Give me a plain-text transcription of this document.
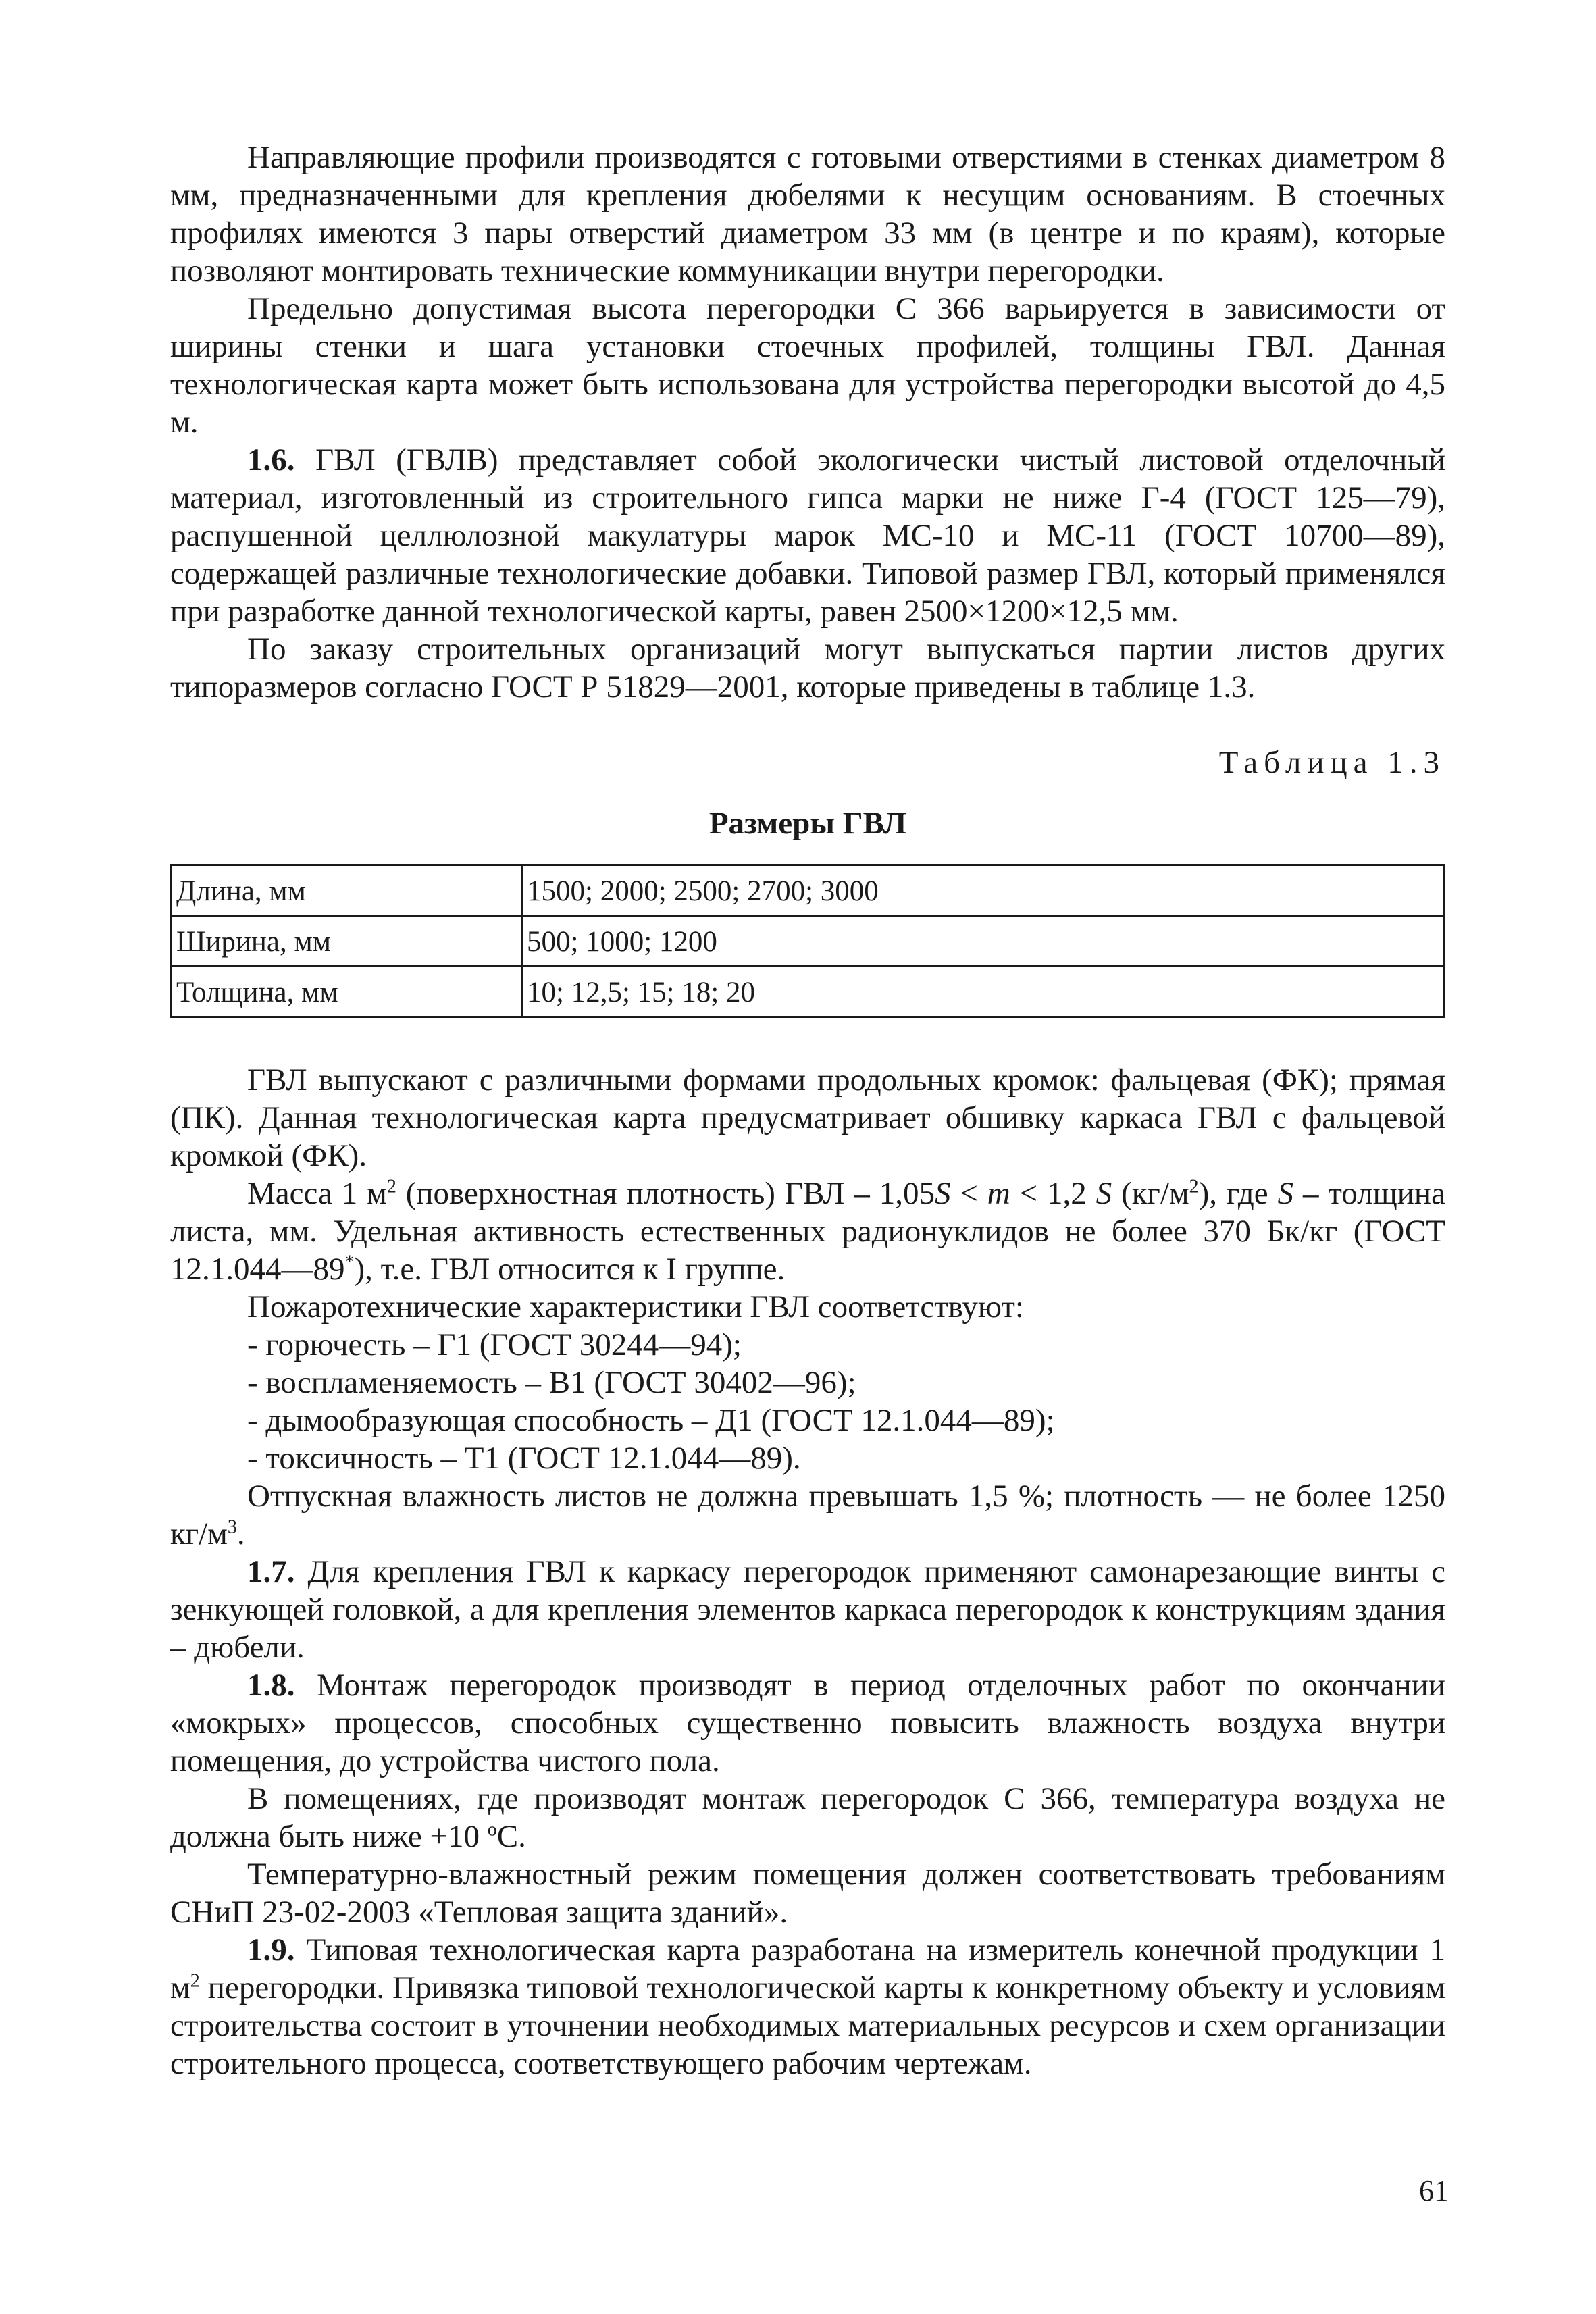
Направляющие профили производятся с готовыми отверстиями в стенках диаметром 8 мм, предназначенными для крепления дюбелями к несущим основаниям. В стоечных профилях имеются 3 пары отверстий диаметром 33 мм (в центре и по краям), которые позволяют монтировать технические коммуникации внутри перегородки.

Предельно допустимая высота перегородки С 366 варьируется в зависимости от ширины стенки и шага установки стоечных профилей, толщины ГВЛ. Данная технологическая карта может быть использована для устройства перегородки высотой до 4,5 м.

1.6. ГВЛ (ГВЛВ) представляет собой экологически чистый листовой отделочный материал, изготовленный из строительного гипса марки не ниже Г-4 (ГОСТ 125—79), распушенной целлюлозной макулатуры марок МС-10 и МС-11 (ГОСТ 10700—89), содержащей различные технологические добавки. Типовой размер ГВЛ, который применялся при разработке данной технологической карты, равен 2500×1200×12,5 мм.

По заказу строительных организаций могут выпускаться партии листов других типоразмеров согласно ГОСТ Р 51829—2001, которые приведены в таблице 1.3.

Таблица 1.3
Размеры ГВЛ
Длина, мм	1500; 2000; 2500; 2700; 3000
Ширина, мм	500; 1000; 1200
Толщина, мм	10; 12,5; 15; 18; 20

ГВЛ выпускают с различными формами продольных кромок: фальцевая (ФК); прямая (ПК). Данная технологическая карта предусматривает обшивку каркаса ГВЛ с фальцевой кромкой (ФК).

Масса 1 $м^2$ (поверхностная плотность) ГВЛ – 1,05S < m < 1,2 S $(кг/м^2)$, где S – толщина листа, мм. Удельная активность естественных радионуклидов не более 370 Бк/кг (ГОСТ 12.1.044—89*), т.е. ГВЛ относится к I группе.

Пожаротехнические характеристики ГВЛ соответствуют:

- горючесть – Г1 (ГОСТ 30244—94);

- воспламеняемость – В1 (ГОСТ 30402—96);

- дымообразующая способность – Д1 (ГОСТ 12.1.044—89);

- токсичность – Т1 (ГОСТ 12.1.044—89).

Отпускная влажность листов не должна превышать 1,5 %; плотность — не более 1250 $кг/м^3$.

1.7. Для крепления ГВЛ к каркасу перегородок применяют самонарезающие винты с зенкующей головкой, а для крепления элементов каркаса перегородок к конструкциям здания – дюбели.

1.8. Монтаж перегородок производят в период отделочных работ по окончании «мокрых» процессов, способных существенно повысить влажность воздуха внутри помещения, до устройства чистого пола.

В помещениях, где производят монтаж перегородок С 366, температура воздуха не должна быть ниже +10 $^o$С.

Температурно-влажностный режим помещения должен соответствовать требованиям СНиП 23-02-2003 «Тепловая защита зданий».

1.9. Типовая технологическая карта разработана на измеритель конечной продукции 1 $м^2$ перегородки. Привязка типовой технологической карты к конкретному объекту и условиям строительства состоит в уточнении необходимых материальных ресурсов и схем организации строительного процесса, соответствующего рабочим чертежам.

61
